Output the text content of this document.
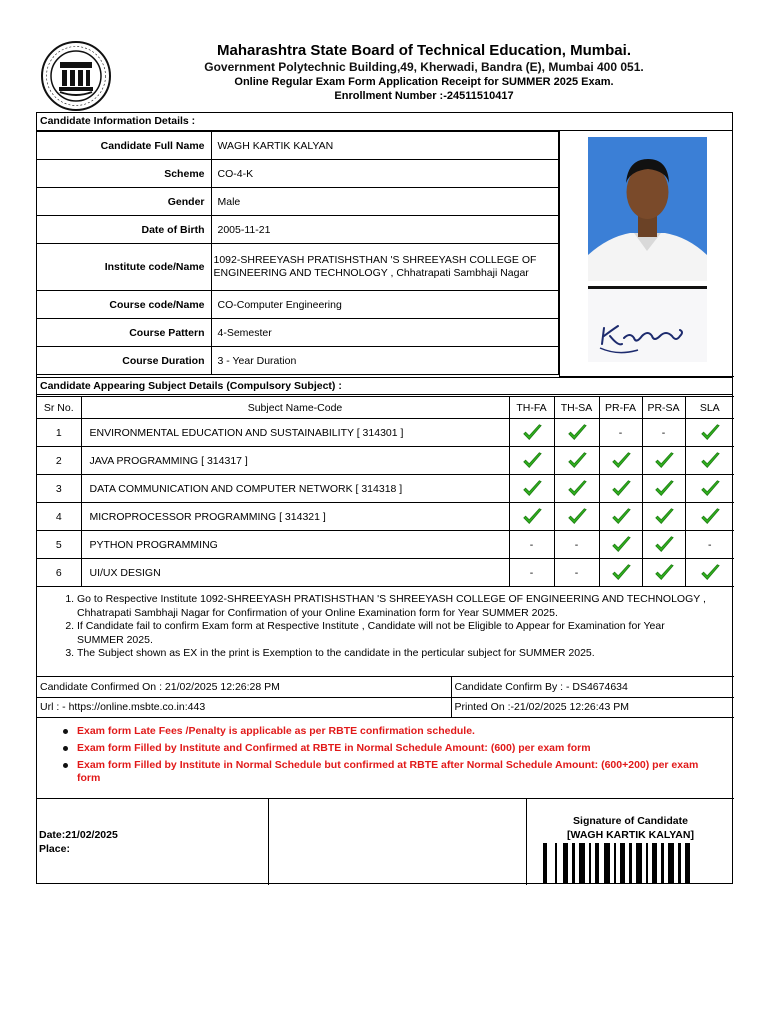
Maharashtra State Board of Technical Education, Mumbai.
Government Polytechnic Building,49, Kherwadi, Bandra (E), Mumbai 400 051.
Online Regular Exam Form Application Receipt for SUMMER 2025 Exam.
Enrollment Number :-24511510417
Candidate Information Details :
Candidate Full Name	WAGH KARTIK KALYAN
Scheme	CO-4-K
Gender	Male
Date of Birth	2005-11-21
Institute code/Name	1092-SHREEYASH PRATISHSTHAN 'S SHREEYASH COLLEGE OF ENGINEERING AND TECHNOLOGY , Chhatrapati Sambhaji Nagar
Course code/Name	CO-Computer Engineering
Course Pattern	4-Semester
Course Duration	3 - Year Duration
Candidate Appearing Subject Details (Compulsory Subject) :
Sr No.	Subject Name-Code	TH-FA	TH-SA	PR-FA	PR-SA	SLA
1	ENVIRONMENTAL EDUCATION AND SUSTAINABILITY [ 314301 ]			-	-	
2	JAVA PROGRAMMING [ 314317 ]					
3	DATA COMMUNICATION AND COMPUTER NETWORK [ 314318 ]					
4	MICROPROCESSOR PROGRAMMING [ 314321 ]					
5	PYTHON PROGRAMMING	-	-			-
6	UI/UX DESIGN	-	-			
1. Go to Respective Institute 1092-SHREEYASH PRATISHSTHAN 'S SHREEYASH COLLEGE OF ENGINEERING AND TECHNOLOGY , Chhatrapati Sambhaji Nagar for Confirmation of your Online Examination form for Year SUMMER 2025.
2. If Candidate fail to confirm Exam form at Respective Institute , Candidate will not be Eligible to Appear for Examination for Year SUMMER 2025.
3. The Subject shown as EX in the print is Exemption to the candidate in the perticular subject for SUMMER 2025.
Candidate Confirmed On : 21/02/2025 12:26:28 PM	Candidate Confirm By : - DS4674634
Url : - https://online.msbte.co.in:443	Printed On :-21/02/2025 12:26:43 PM
Exam form Late Fees /Penalty is applicable as per RBTE confirmation schedule.
Exam form Filled by Institute and Confirmed at RBTE in Normal Schedule Amount: (600) per exam form
Exam form Filled by Institute in Normal Schedule but confirmed at RBTE after Normal Schedule Amount: (600+200) per exam form
Date:21/02/2025
Place:
Signature of Candidate
[WAGH KARTIK KALYAN]
